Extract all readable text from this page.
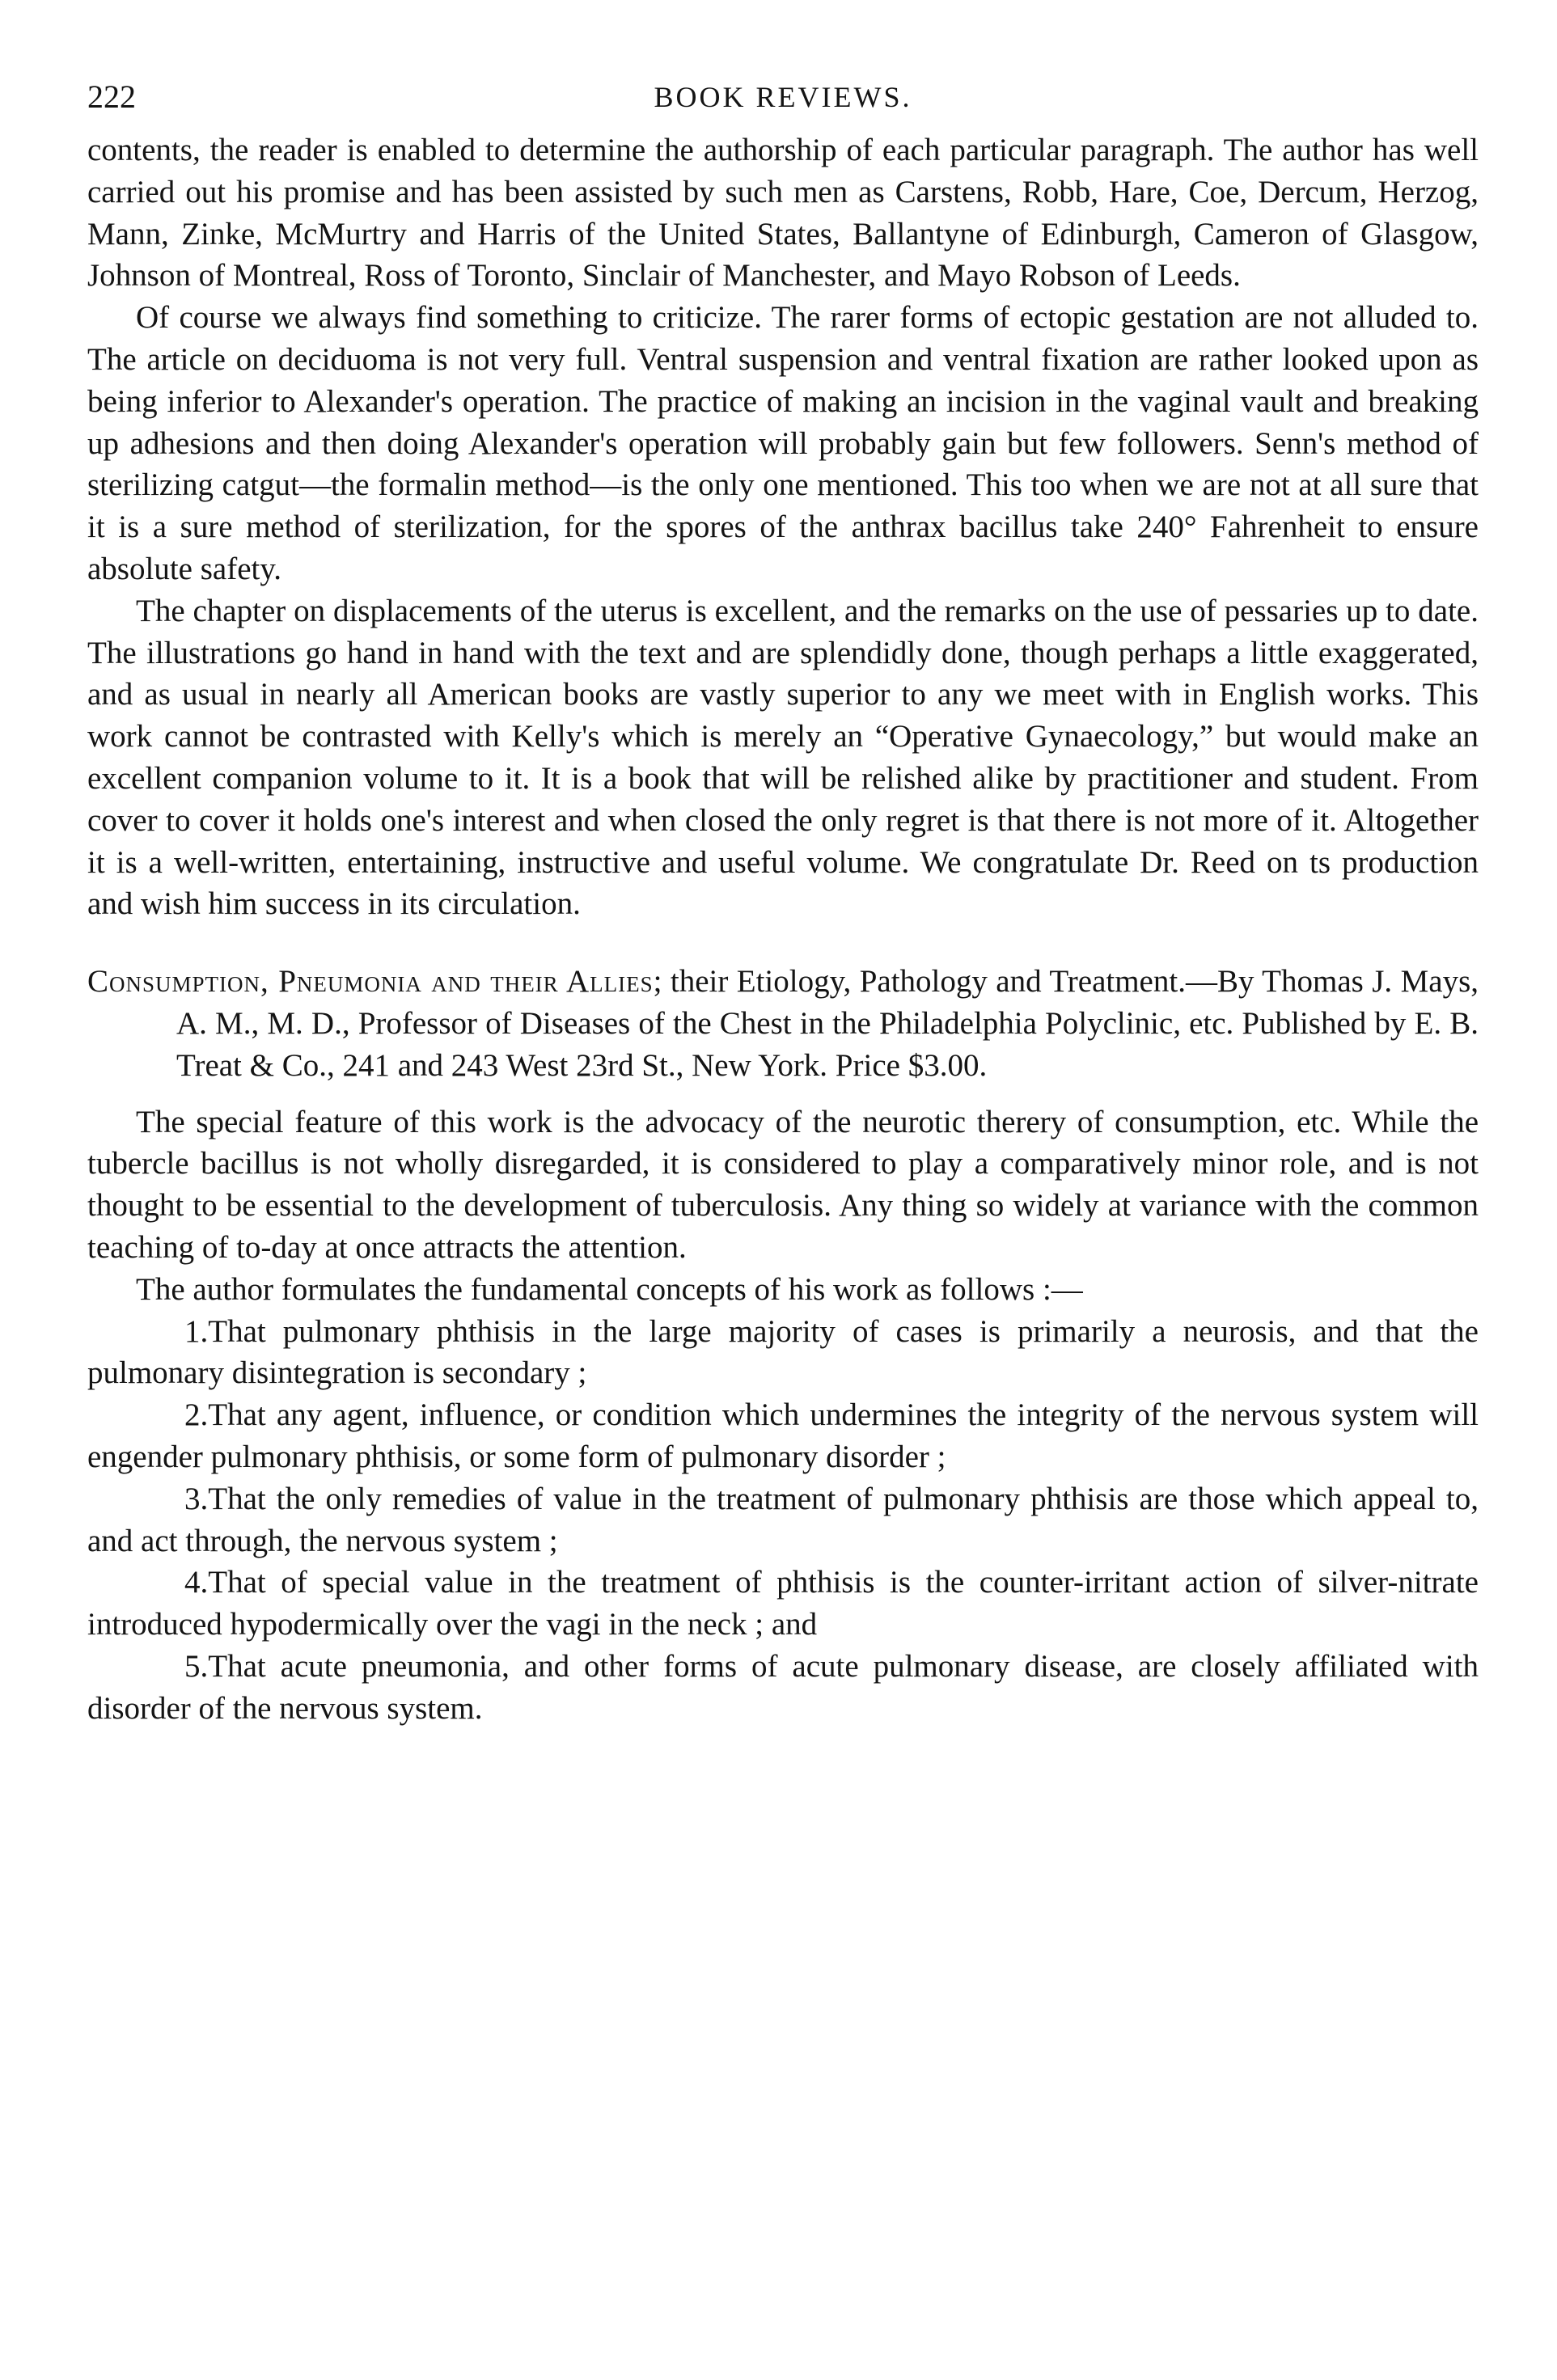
222	BOOK REVIEWS.

contents, the reader is enabled to determine the authorship of each particular paragraph. The author has well carried out his promise and has been assisted by such men as Carstens, Robb, Hare, Coe, Dercum, Herzog, Mann, Zinke, McMurtry and Harris of the United States, Ballantyne of Edinburgh, Cameron of Glasgow, Johnson of Montreal, Ross of Toronto, Sinclair of Manchester, and Mayo Robson of Leeds.

Of course we always find something to criticize. The rarer forms of ectopic gestation are not alluded to. The article on deciduoma is not very full. Ventral suspension and ventral fixation are rather looked upon as being inferior to Alexander's operation. The practice of making an incision in the vaginal vault and breaking up adhesions and then doing Alexander's operation will probably gain but few followers. Senn's method of sterilizing catgut—the formalin method—is the only one mentioned. This too when we are not at all sure that it is a sure method of sterilization, for the spores of the anthrax bacillus take 240° Fahrenheit to ensure absolute safety.

The chapter on displacements of the uterus is excellent, and the remarks on the use of pessaries up to date. The illustrations go hand in hand with the text and are splendidly done, though perhaps a little exaggerated, and as usual in nearly all American books are vastly superior to any we meet with in English works. This work cannot be contrasted with Kelly's which is merely an “Operative Gynaecology,” but would make an excellent companion volume to it. It is a book that will be relished alike by practitioner and student. From cover to cover it holds one's interest and when closed the only regret is that there is not more of it. Altogether it is a well-written, entertaining, instructive and useful volume. We congratulate Dr. Reed on ts production and wish him success in its circulation.

Consumption, Pneumonia and their Allies; their Etiology, Pathology and Treatment.—By Thomas J. Mays, A. M., M. D., Professor of Diseases of the Chest in the Philadelphia Polyclinic, etc. Published by E. B. Treat & Co., 241 and 243 West 23rd St., New York. Price $3.00.

The special feature of this work is the advocacy of the neurotic therery of consumption, etc. While the tubercle bacillus is not wholly disregarded, it is considered to play a comparatively minor role, and is not thought to be essential to the development of tuberculosis. Any thing so widely at variance with the common teaching of to-day at once attracts the attention.

The author formulates the fundamental concepts of his work as follows :—

1.That pulmonary phthisis in the large majority of cases is primarily a neurosis, and that the pulmonary disintegration is secondary ;

2.That any agent, influence, or condition which undermines the integrity of the nervous system will engender pulmonary phthisis, or some form of pulmonary disorder ;

3.That the only remedies of value in the treatment of pulmonary phthisis are those which appeal to, and act through, the nervous system ;

4.That of special value in the treatment of phthisis is the counter-irritant action of silver-nitrate introduced hypodermically over the vagi in the neck ; and

5.That acute pneumonia, and other forms of acute pulmonary disease, are closely affiliated with disorder of the nervous system.
